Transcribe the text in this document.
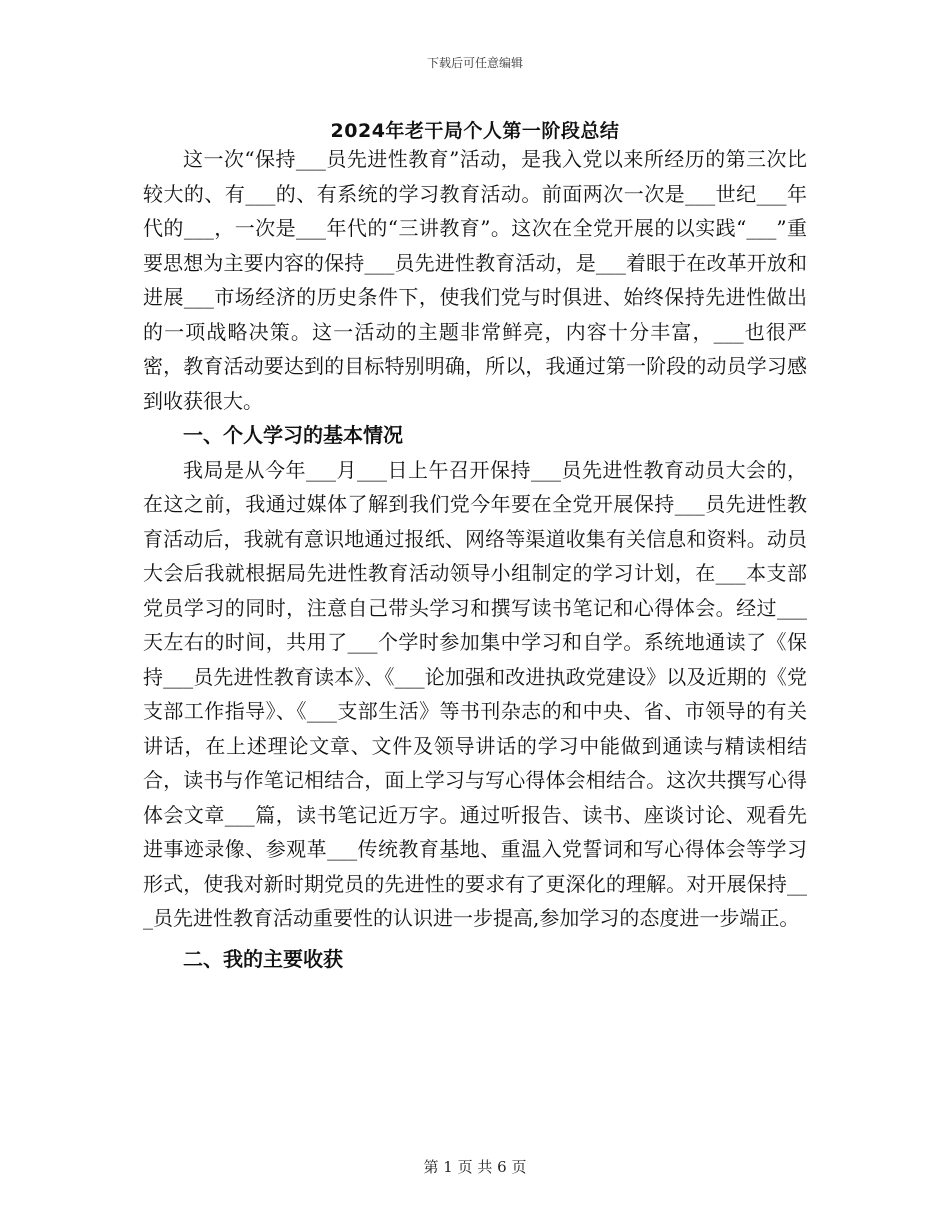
下载后可任意编辑
2024年老干局个人第一阶段总结

这一次“保持___员先进性教育”活动，是我入党以来所经历的第三次比较大的、有___的、有系统的学习教育活动。前面两次一次是___世纪___年代的___，一次是___年代的“三讲教育”。这次在全党开展的以实践“___”重要思想为主要内容的保持___员先进性教育活动，是___着眼于在改革开放和进展___市场经济的历史条件下，使我们党与时俱进、始终保持先进性做出的一项战略决策。这一活动的主题非常鲜亮，内容十分丰富，___也很严密，教育活动要达到的目标特别明确，所以，我通过第一阶段的动员学习感到收获很大。

一、个人学习的基本情况

我局是从今年___月___日上午召开保持___员先进性教育动员大会的，在这之前，我通过媒体了解到我们党今年要在全党开展保持___员先进性教育活动后，我就有意识地通过报纸、网络等渠道收集有关信息和资料。动员大会后我就根据局先进性教育活动领导小组制定的学习计划，在___本支部党员学习的同时，注意自己带头学习和撰写读书笔记和心得体会。经过___天左右的时间，共用了___个学时参加集中学习和自学。系统地通读了《保持___员先进性教育读本》、《___论加强和改进执政党建设》以及近期的《党支部工作指导》、《___支部生活》等书刊杂志的和中央、省、市领导的有关讲话，在上述理论文章、文件及领导讲话的学习中能做到通读与精读相结合，读书与作笔记相结合，面上学习与写心得体会相结合。这次共撰写心得体会文章___篇，读书笔记近万字。通过听报告、读书、座谈讨论、观看先进事迹录像、参观革___传统教育基地、重温入党誓词和写心得体会等学习形式，使我对新时期党员的先进性的要求有了更深化的理解。对开展保持___员先进性教育活动重要性的认识进一步提高,参加学习的态度进一步端正。

二、我的主要收获
第 1 页 共 6 页
